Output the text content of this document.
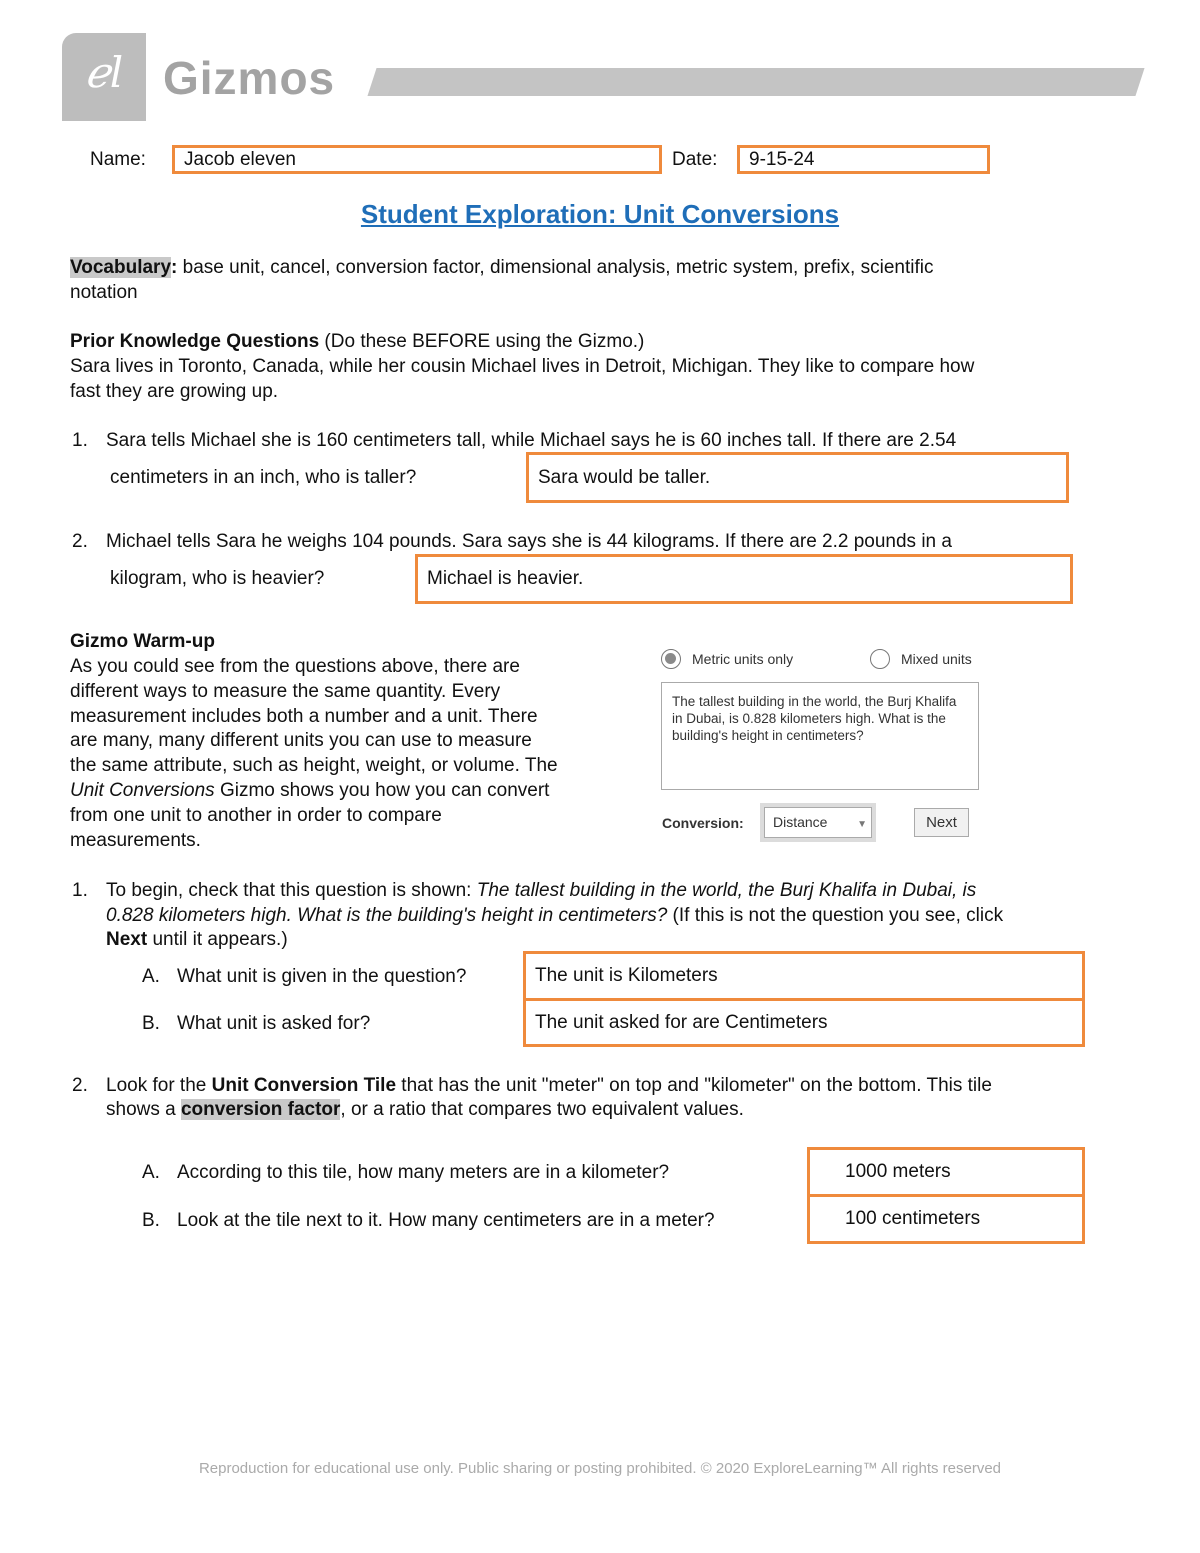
ℯl Gizmos
Name: Jacob eleven	Date: 9-15-24
Student Exploration: Unit Conversions
Vocabulary: base unit, cancel, conversion factor, dimensional analysis, metric system, prefix, scientific
notation
Prior Knowledge Questions (Do these BEFORE using the Gizmo.)
Sara lives in Toronto, Canada, while her cousin Michael lives in Detroit, Michigan. They like to compare how
fast they are growing up.
1. Sara tells Michael she is 160 centimeters tall, while Michael says he is 60 inches tall. If there are 2.54
centimeters in an inch, who is taller?	Sara would be taller.
2. Michael tells Sara he weighs 104 pounds. Sara says she is 44 kilograms. If there are 2.2 pounds in a
kilogram, who is heavier?	Michael is heavier.
Gizmo Warm-up
As you could see from the questions above, there are
different ways to measure the same quantity. Every
measurement includes both a number and a unit. There
are many, many different units you can use to measure
the same attribute, such as height, weight, or volume. The
Unit Conversions Gizmo shows you how you can convert
from one unit to another in order to compare
measurements.
Metric units only	Mixed units
The tallest building in the world, the Burj Khalifa in Dubai, is 0.828 kilometers high. What is the building's height in centimeters?
Conversion:	Distance	▼	Next
1. To begin, check that this question is shown: The tallest building in the world, the Burj Khalifa in Dubai, is
0.828 kilometers high. What is the building's height in centimeters? (If this is not the question you see, click
Next until it appears.)
A. What unit is given in the question?	The unit is Kilometers
B. What unit is asked for?	The unit asked for are Centimeters
2. Look for the Unit Conversion Tile that has the unit "meter" on top and "kilometer" on the bottom. This tile
shows a conversion factor, or a ratio that compares two equivalent values.
A. According to this tile, how many meters are in a kilometer?	1000 meters
B. Look at the tile next to it. How many centimeters are in a meter?	100 centimeters
Reproduction for educational use only. Public sharing or posting prohibited. © 2020 ExploreLearning™ All rights reserved
